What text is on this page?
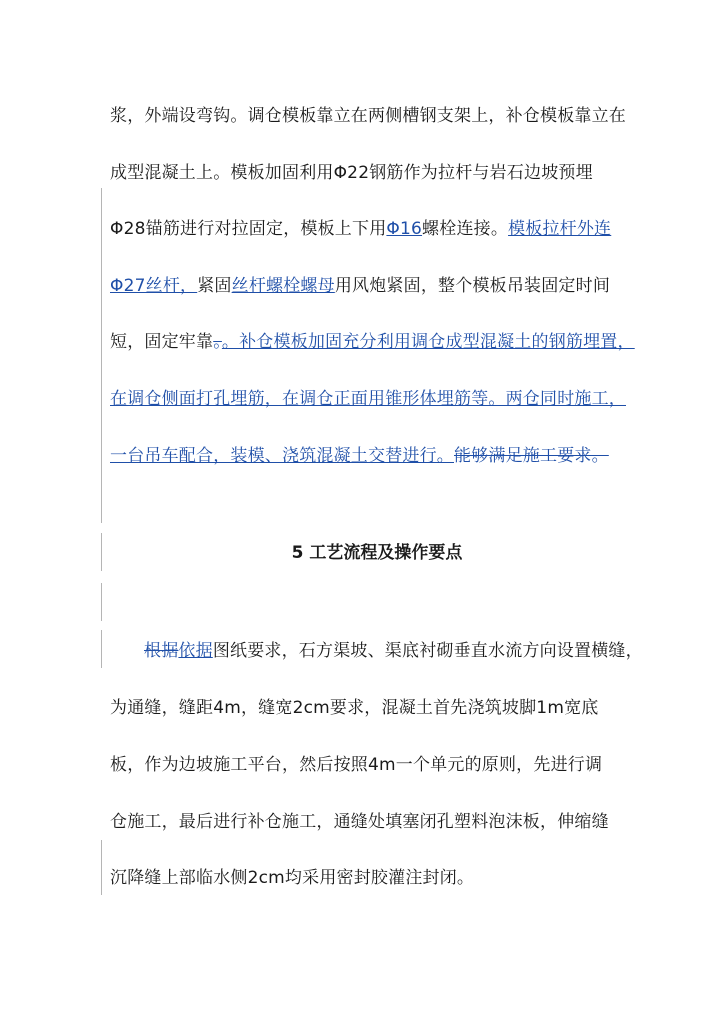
浆，外端设弯钩。调仓模板靠立在两侧槽钢支架上，补仓模板靠立在
成型混凝土上。模板加固利用Φ22钢筋作为拉杆与岩石边坡预埋
Φ28锚筋进行对拉固定，模板上下用Φ16螺栓连接。模板拉杆外连
Φ27丝杆，紧固丝杆螺栓螺母用风炮紧固，整个模板吊装固定时间
短，固定牢靠。。补仓模板加固充分利用调仓成型混凝土的钢筋埋置，
在调仓侧面打孔埋筋，在调仓正面用锥形体埋筋等。两仓同时施工，
一台吊车配合，装模、浇筑混凝土交替进行。能够满足施工要求。
5 工艺流程及操作要点
根据依据图纸要求，石方渠坡、渠底衬砌垂直水流方向设置横缝，
为通缝，缝距4m，缝宽2cm要求，混凝土首先浇筑坡脚1m宽底
板，作为边坡施工平台，然后按照4m一个单元的原则，先进行调
仓施工，最后进行补仓施工，通缝处填塞闭孔塑料泡沫板，伸缩缝
沉降缝上部临水侧2cm均采用密封胶灌注封闭。
